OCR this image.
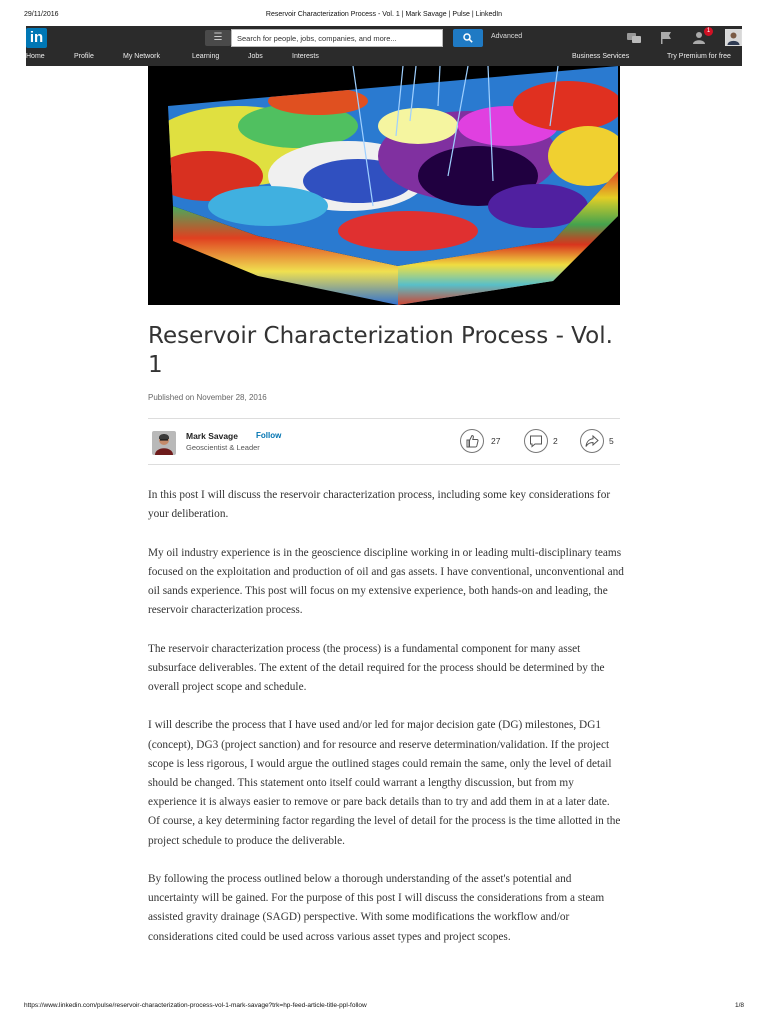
29/11/2016	Reservoir Characterization Process - Vol. 1 | Mark Savage | Pulse | LinkedIn
in	☰
Search for people, jobs, companies, and more...	Advanced
1
Home	Profile	My Network	Learning	Jobs	Interests	Business Services	Try Premium for free
Reservoir Characterization Process - Vol. 1
Published on November 28, 2016
Mark Savage Follow
Geoscientist & Leader
27	2	5

In this post I will discuss the reservoir characterization process, including some key considerations for your deliberation.

My oil industry experience is in the geoscience discipline working in or leading multi-disciplinary teams focused on the exploitation and production of oil and gas assets. I have conventional, unconventional and oil sands experience. This post will focus on my extensive experience, both hands-on and leading, the reservoir characterization process.

The reservoir characterization process (the process) is a fundamental component for many asset subsurface deliverables. The extent of the detail required for the process should be determined by the overall project scope and schedule.

I will describe the process that I have used and/or led for major decision gate (DG) milestones, DG1 (concept), DG3 (project sanction) and for resource and reserve determination/validation. If the project scope is less rigorous, I would argue the outlined stages could remain the same, only the level of detail should be changed. This statement onto itself could warrant a lengthy discussion, but from my experience it is always easier to remove or pare back details than to try and add them in at a later date. Of course, a key determining factor regarding the level of detail for the process is the time allotted in the project schedule to produce the deliverable.

By following the process outlined below a thorough understanding of the asset's potential and uncertainty will be gained. For the purpose of this post I will discuss the considerations from a steam assisted gravity drainage (SAGD) perspective. With some modifications the workflow and/or considerations cited could be used across various asset types and project scopes.

https://www.linkedin.com/pulse/reservoir-characterization-process-vol-1-mark-savage?trk=hp-feed-article-title-ppl-follow	1/8
